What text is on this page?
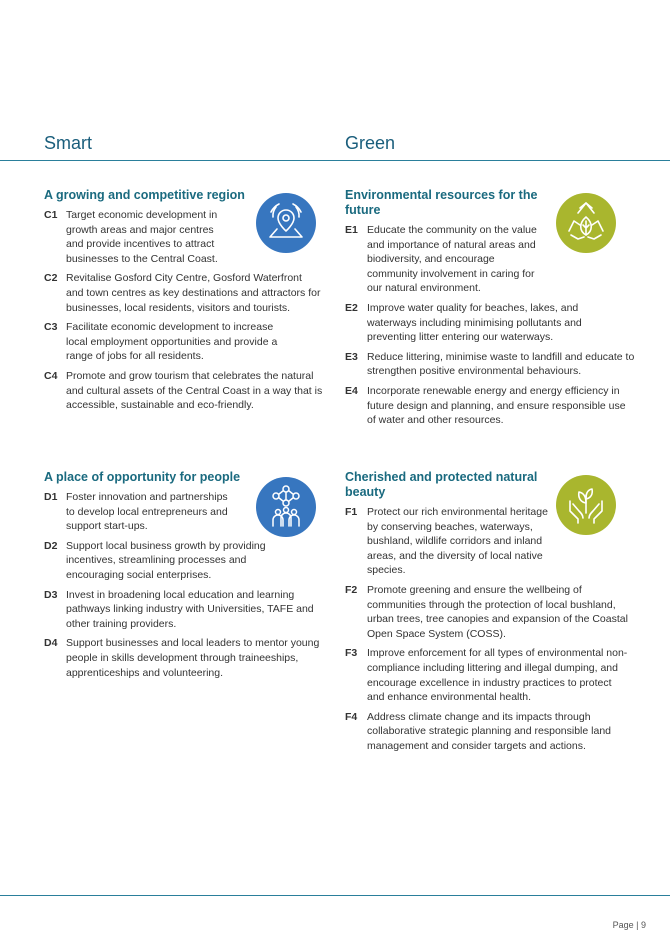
Smart	Green
A growing and competitive region
C1 Target economic development in growth areas and major centres and provide incentives to attract businesses to the Central Coast.
C2 Revitalise Gosford City Centre, Gosford Waterfront and town centres as key destinations and attractors for businesses, local residents, visitors and tourists.
C3 Facilitate economic development to increase local employment opportunities and provide a range of jobs for all residents.
C4 Promote and grow tourism that celebrates the natural and cultural assets of the Central Coast in a way that is accessible, sustainable and eco-friendly.
A place of opportunity for people
D1 Foster innovation and partnerships to develop local entrepreneurs and support start-ups.
D2 Support local business growth by providing incentives, streamlining processes and encouraging social enterprises.
D3 Invest in broadening local education and learning pathways linking industry with Universities, TAFE and other training providers.
D4 Support businesses and local leaders to mentor young people in skills development through traineeships, apprenticeships and volunteering.
Environmental resources for the future
E1 Educate the community on the value and importance of natural areas and biodiversity, and encourage community involvement in caring for our natural environment.
E2 Improve water quality for beaches, lakes, and waterways including minimising pollutants and preventing litter entering our waterways.
E3 Reduce littering, minimise waste to landfill and educate to strengthen positive environmental behaviours.
E4 Incorporate renewable energy and energy efficiency in future design and planning, and ensure responsible use of water and other resources.
Cherished and protected natural beauty
F1 Protect our rich environmental heritage by conserving beaches, waterways, bushland, wildlife corridors and inland areas, and the diversity of local native species.
F2 Promote greening and ensure the wellbeing of communities through the protection of local bushland, urban trees, tree canopies and expansion of the Coastal Open Space System (COSS).
F3 Improve enforcement for all types of environmental non-compliance including littering and illegal dumping, and encourage excellence in industry practices to protect and enhance environmental health.
F4 Address climate change and its impacts through collaborative strategic planning and responsible land management and consider targets and actions.
Page | 9
